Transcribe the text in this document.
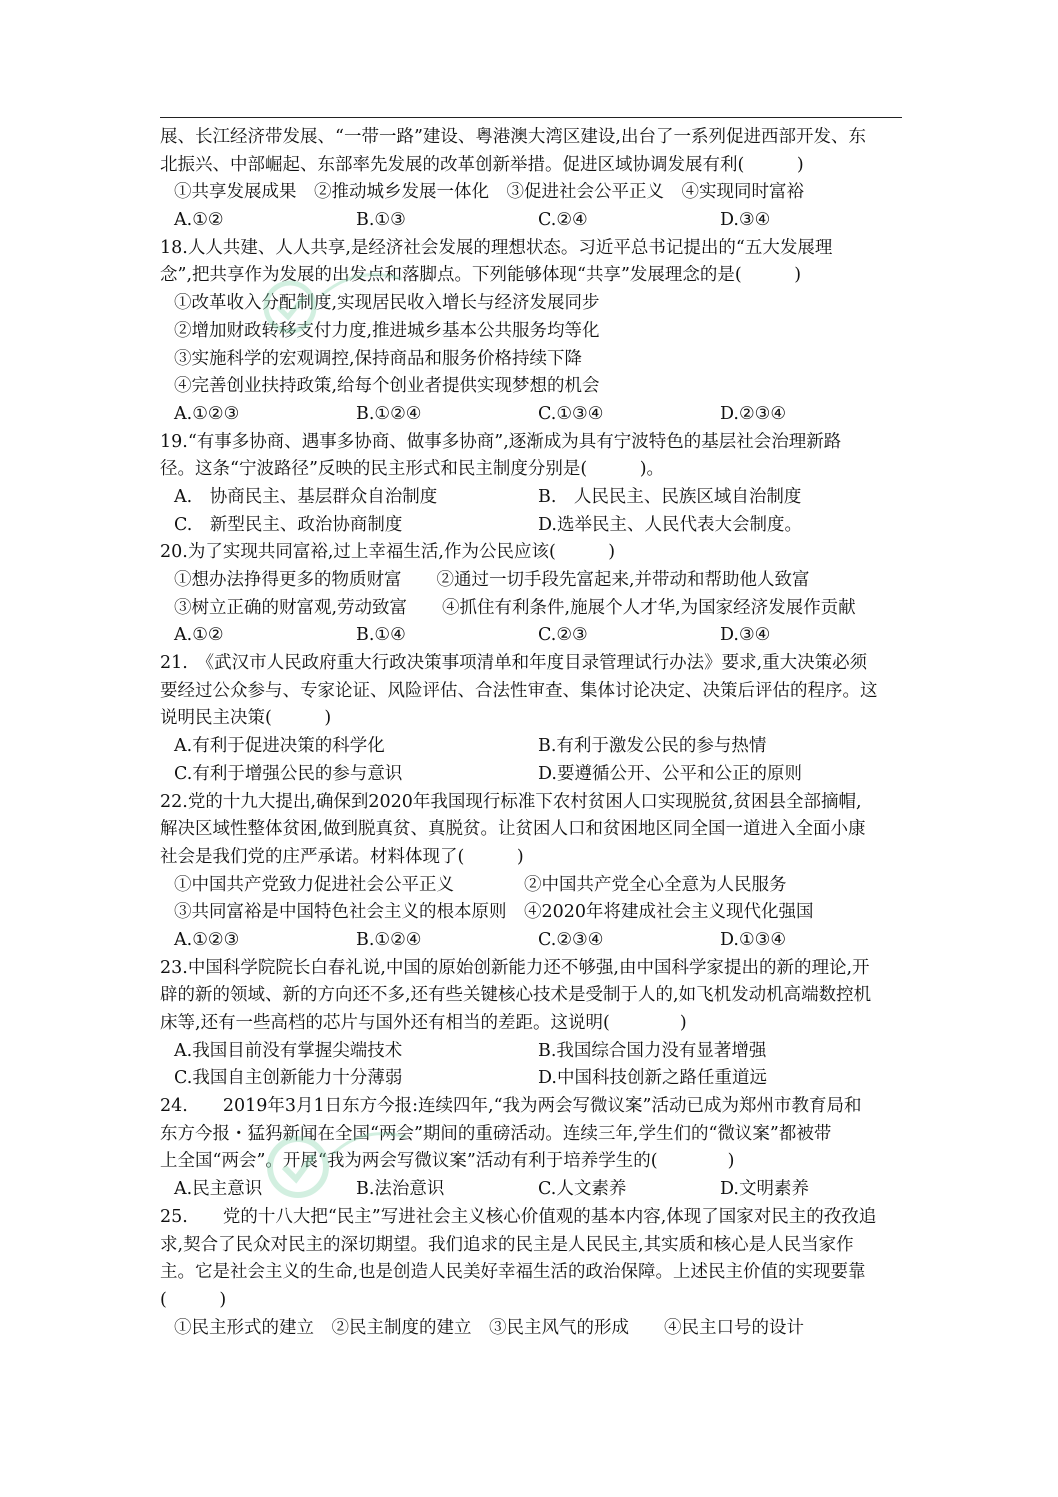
展、长江经济带发展、“一带一路”建设、粤港澳大湾区建设,出台了一系列促进西部开发、东
北振兴、中部崛起、东部率先发展的改革创新举措。促进区域协调发展有利(　　　)
①共享发展成果　②推动城乡发展一体化　③促进社会公平正义　④实现同时富裕
A.①②	B.①③	C.②④	D.③④
18.人人共建、人人共享,是经济社会发展的理想状态。习近平总书记提出的“五大发展理
念”,把共享作为发展的出发点和落脚点。下列能够体现“共享”发展理念的是(　　　)
①改革收入分配制度,实现居民收入增长与经济发展同步
②增加财政转移支付力度,推进城乡基本公共服务均等化
③实施科学的宏观调控,保持商品和服务价格持续下降
④完善创业扶持政策,给每个创业者提供实现梦想的机会
A.①②③	B.①②④	C.①③④	D.②③④
19.“有事多协商、遇事多协商、做事多协商”,逐渐成为具有宁波特色的基层社会治理新路
径。这条“宁波路径”反映的民主形式和民主制度分别是(　　　)。
A.　协商民主、基层群众自治制度	B.　人民民主、民族区域自治制度
C.　新型民主、政治协商制度	D.选举民主、人民代表大会制度。
20.为了实现共同富裕,过上幸福生活,作为公民应该(　　　)
①想办法挣得更多的物质财富　　②通过一切手段先富起来,并带动和帮助他人致富
③树立正确的财富观,劳动致富　　④抓住有利条件,施展个人才华,为国家经济发展作贡献
A.①②	B.①④	C.②③	D.③④
21.　《武汉市人民政府重大行政决策事项清单和年度目录管理试行办法》要求,重大决策必须
要经过公众参与、专家论证、风险评估、合法性审查、集体讨论决定、决策后评估的程序。这
说明民主决策(　　　)
A.有利于促进决策的科学化	B.有利于激发公民的参与热情
C.有利于增强公民的参与意识	D.要遵循公开、公平和公正的原则
22.党的十九大提出,确保到2020年我国现行标准下农村贫困人口实现脱贫,贫困县全部摘帽,
解决区域性整体贫困,做到脱真贫、真脱贫。让贫困人口和贫困地区同全国一道进入全面小康
社会是我们党的庄严承诺。材料体现了(　　　)
①中国共产党致力促进社会公平正义　　　　②中国共产党全心全意为人民服务
③共同富裕是中国特色社会主义的根本原则　④2020年将建成社会主义现代化强国
A.①②③	B.①②④	C.②③④	D.①③④
23.中国科学院院长白春礼说,中国的原始创新能力还不够强,由中国科学家提出的新的理论,开
辟的新的领域、新的方向还不多,还有些关键核心技术是受制于人的,如飞机发动机高端数控机
床等,还有一些高档的芯片与国外还有相当的差距。这说明(　　　　)
A.我国目前没有掌握尖端技术	B.我国综合国力没有显著增强
C.我国自主创新能力十分薄弱	D.中国科技创新之路任重道远
24.　　2019年3月1日东方今报:连续四年,“我为两会写微议案”活动已成为郑州市教育局和
东方今报・猛犸新闻在全国“两会”期间的重磅活动。连续三年,学生们的“微议案”都被带
上全国“两会”。开展“我为两会写微议案”活动有利于培养学生的(　　　　)
A.民主意识	B.法治意识	C.人文素养	D.文明素养
25.　　党的十八大把“民主”写进社会主义核心价值观的基本内容,体现了国家对民主的孜孜追
求,契合了民众对民主的深切期望。我们追求的民主是人民民主,其实质和核心是人民当家作
主。它是社会主义的生命,也是创造人民美好幸福生活的政治保障。上述民主价值的实现要靠
(　　　)
①民主形式的建立　②民主制度的建立　③民主风气的形成　　④民主口号的设计
